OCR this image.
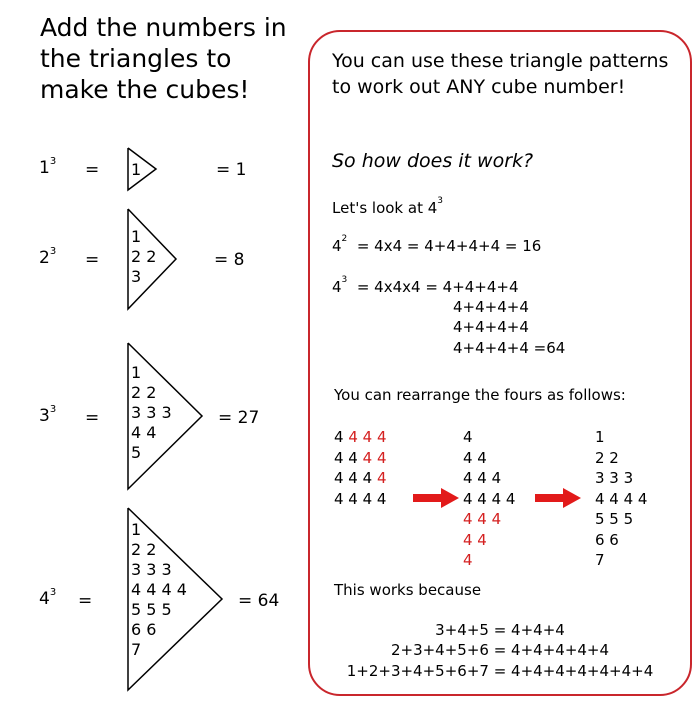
Add the numbers in the triangles to make the cubes!
$1^3 = 1$	= 1
$2^3$ =
1
2 2
3
= 8
$3^3$ =
1
2 2
3 3 3
4 4
5
= 27
$4^3$ =
1
2 2
3 3 3
4 4 4 4
5 5 5
6 6
7
= 64
You can use these triangle patterns to work out ANY cube number!
So how does it work?
Let's look at $4^3$
$4^2 = 4x4 = 4+4+4+4 = 16$
$4^3 = 4x4x4 = 4+4+4+4$
4+4+4+4
4+4+4+4
4+4+4+4 =64
You can rearrange the fours as follows:
4 4 4 4
4 4 4 4
4 4 4 4
4 4 4 4
4
4 4
4 4 4
4 4 4 4
4 4 4
4 4
4
1
2 2
3 3 3
4 4 4 4
5 5 5
6 6
7
This works because
3+4+5 = 4+4+4
2+3+4+5+6 = 4+4+4+4+4
1+2+3+4+5+6+7 = 4+4+4+4+4+4+4
